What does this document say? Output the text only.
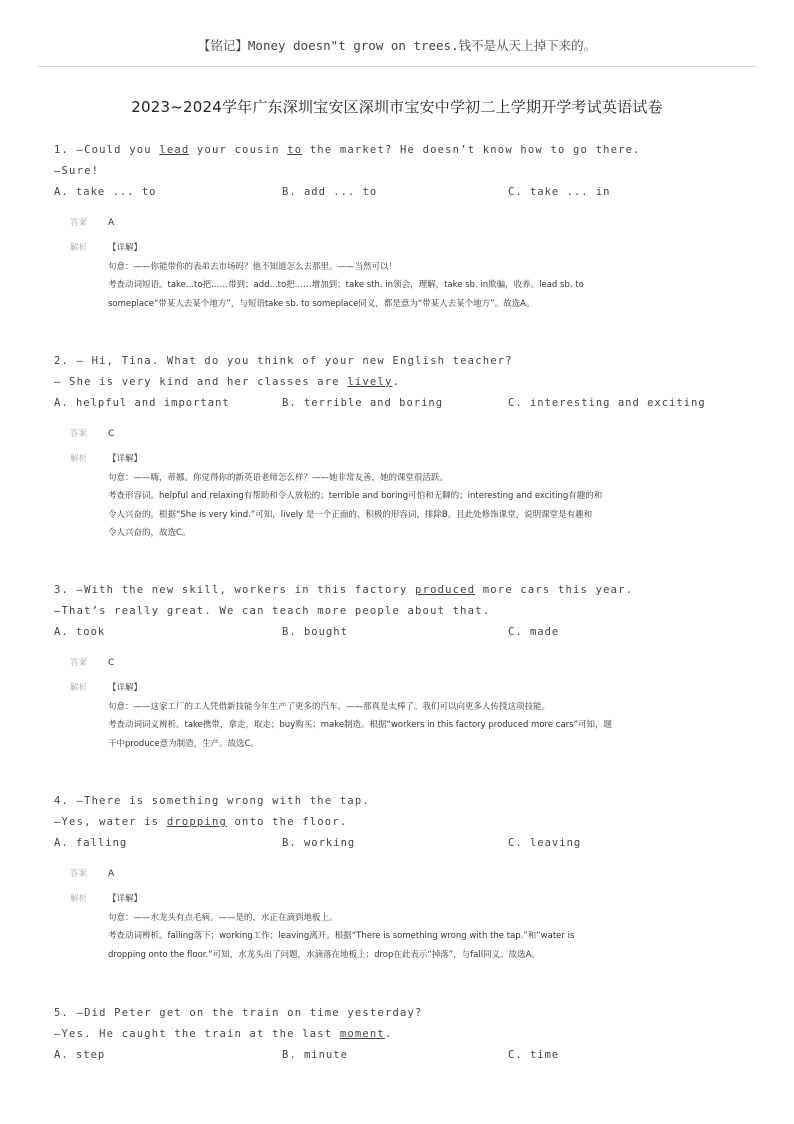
【铭记】Money doesn"t grow on trees.钱不是从天上掉下来的。
2023~2024学年广东深圳宝安区深圳市宝安中学初二上学期开学考试英语试卷
1. —Could you lead your cousin to the market? He doesn’t know how to go there.
—Sure!
A. take ... to	B. add ... to	C. take ... in
答案 A
解析 【详解】
句意：——你能带你的表弟去市场吗？他不知道怎么去那里。——当然可以！
考查动词短语。take...to把……带到；add...to把……增加到；take sth. in领会，理解，take sb. in欺骗，收养。lead sb. to
someplace“带某人去某个地方”，与短语take sb. to someplace同义，都是意为“带某人去某个地方”。故选A。
2. — Hi, Tina. What do you think of your new English teacher?
— She is very kind and her classes are lively.
A. helpful and important	B. terrible and boring	C. interesting and exciting
答案 C
解析 【详解】
句意：——嗨，蒂娜。你觉得你的新英语老师怎么样？——她非常友善，她的课堂很活跃。
考查形容词。helpful and relaxing有帮助和令人放松的；terrible and boring可怕和无聊的；interesting and exciting有趣的和
令人兴奋的。根据“She is very kind.”可知，lively 是一个正面的、积极的形容词，排除B。且此处修饰课堂，说明课堂是有趣和
令人兴奋的，故选C。
3. —With the new skill, workers in this factory produced more cars this year.
—That’s really great. We can teach more people about that.
A. took	B. bought	C. made
答案 C
解析 【详解】
句意：——这家工厂的工人凭借新技能今年生产了更多的汽车。——那真是太棒了。我们可以向更多人传授这项技能。
考查动词词义辨析。take携带，拿走，取走；buy购买；make制造。根据“workers in this factory produced more cars”可知，题
干中produce意为制造，生产。故选C。
4. —There is something wrong with the tap.
—Yes, water is dropping onto the floor.
A. falling	B. working	C. leaving
答案 A
解析 【详解】
句意：——水龙头有点毛病。——是的，水正在滴到地板上。
考查动词辨析。falling落下；working工作；leaving离开。根据“There is something wrong with the tap.”和“water is
dropping onto the floor.”可知，水龙头出了问题，水滴落在地板上；drop在此表示“掉落”，与fall同义。故选A。
5. —Did Peter get on the train on time yesterday?
—Yes. He caught the train at the last moment.
A. step	B. minute	C. time
